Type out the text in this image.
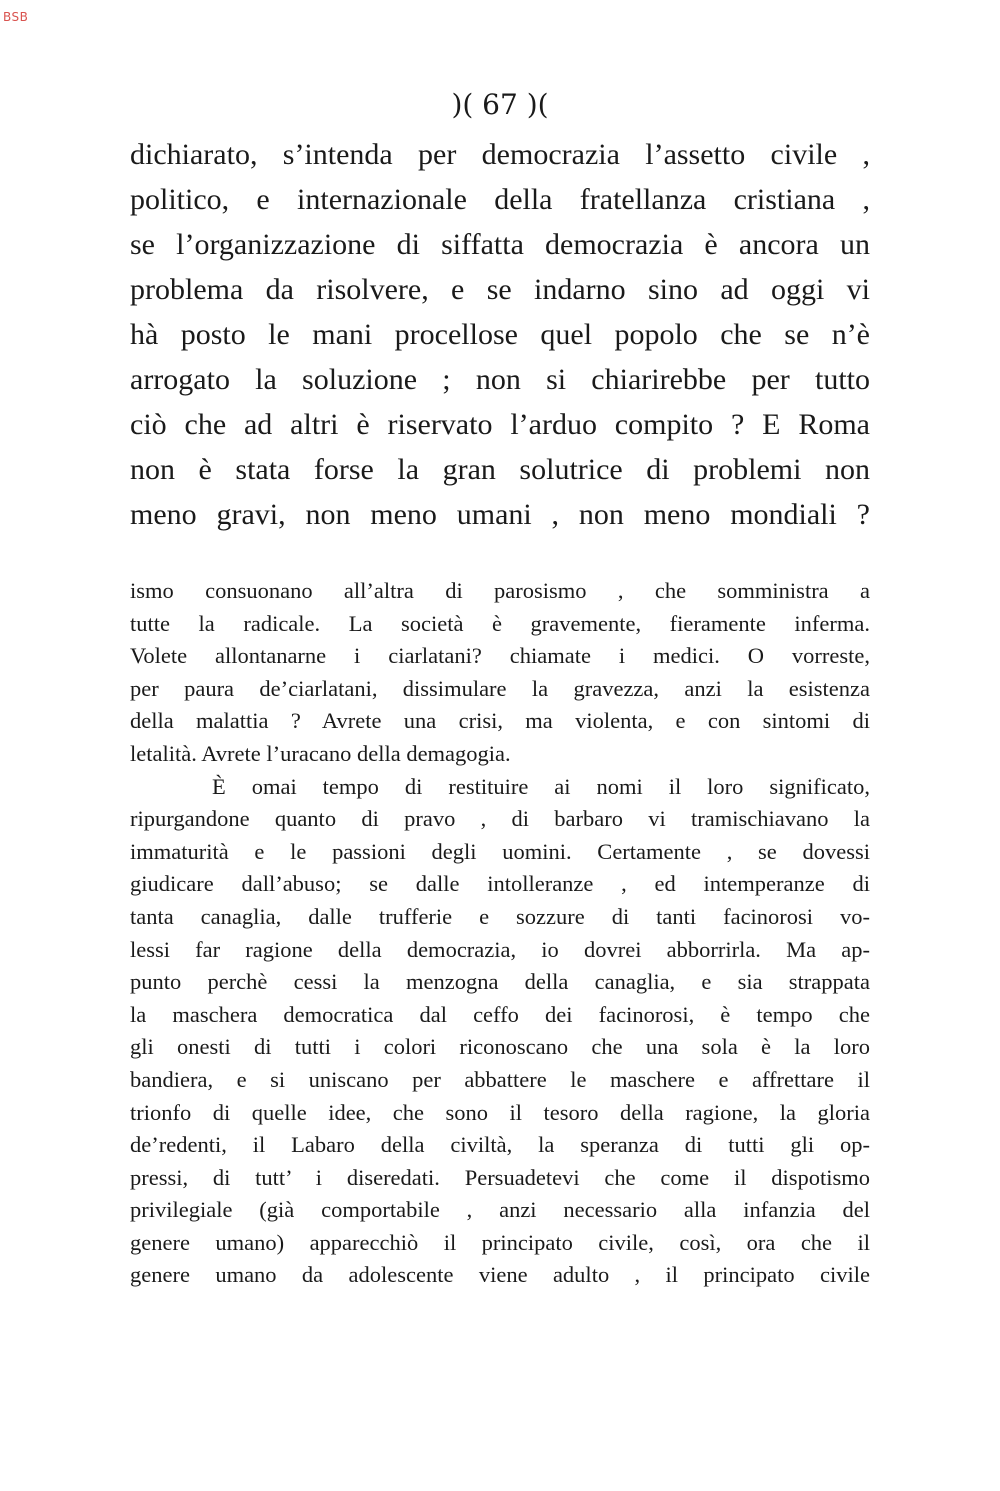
BSB
)( 67 )(
dichiarato, s’intenda per democrazia l’assetto civile ,
politico, e internazionale della fratellanza cristiana ,
se l’organizzazione di siffatta democrazia è ancora un
problema da risolvere, e se indarno sino ad oggi vi
hà posto le mani procellose quel popolo che se n’è
arrogato la soluzione ; non si chiarirebbe per tutto
ciò che ad altri è riservato l’arduo compito ? E Roma
non è stata forse la gran solutrice di problemi non
meno gravi, non meno umani , non meno mondiali ?
ismo consuonano all’altra di parosismo , che somministra a
tutte la radicale. La società è gravemente, fieramente inferma.
Volete allontanarne i ciarlatani? chiamate i medici. O vorreste,
per paura de’ciarlatani, dissimulare la gravezza, anzi la esistenza
della malattia ? Avrete una crisi, ma violenta, e con sintomi di
letalità. Avrete l’uracano della demagogia.
È omai tempo di restituire ai nomi il loro significato,
ripurgandone quanto di pravo , di barbaro vi tramischiavano la
immaturità e le passioni degli uomini. Certamente , se dovessi
giudicare dall’abuso; se dalle intolleranze , ed intemperanze di
tanta canaglia, dalle trufferie e sozzure di tanti facinorosi vo-
lessi far ragione della democrazia, io dovrei abborrirla. Ma ap-
punto perchè cessi la menzogna della canaglia, e sia strappata
la maschera democratica dal ceffo dei facinorosi, è tempo che
gli onesti di tutti i colori riconoscano che una sola è la loro
bandiera, e si uniscano per abbattere le maschere e affrettare il
trionfo di quelle idee, che sono il tesoro della ragione, la gloria
de’redenti, il Labaro della civiltà, la speranza di tutti gli op-
pressi, di tutt’ i diseredati. Persuadetevi che come il dispotismo
privilegiale (già comportabile , anzi necessario alla infanzia del
genere umano) apparecchiò il principato civile, così, ora che il
genere umano da adolescente viene adulto , il principato civile
